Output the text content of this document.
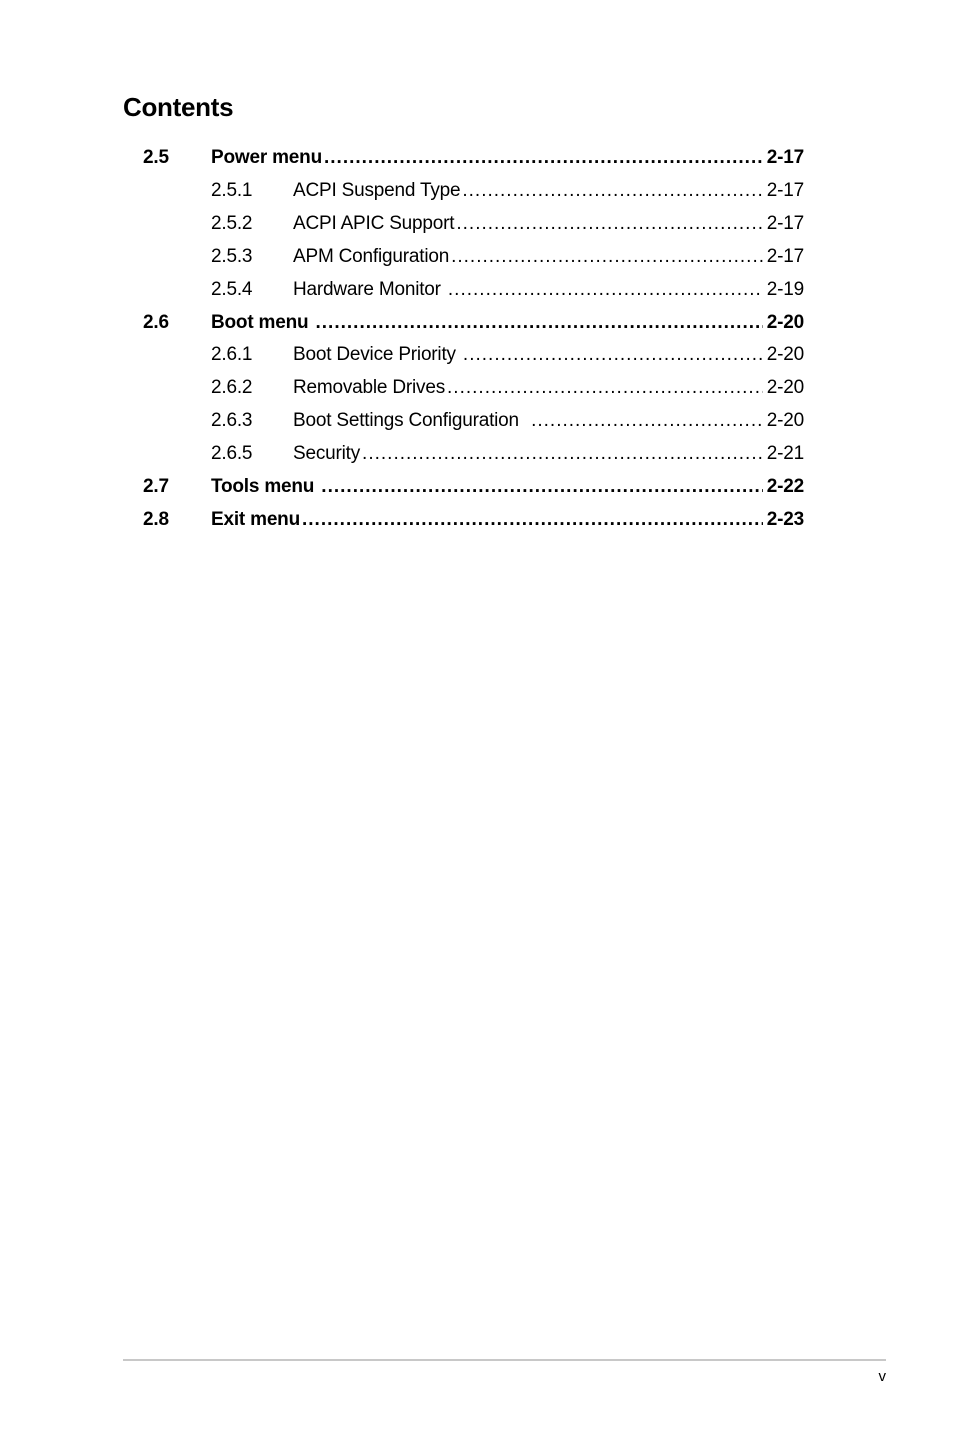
Contents
2.5 Power menu .....	2-17
2.5.1 ACPI Suspend Type .....	2-17
2.5.2 ACPI APIC Support .....	2-17
2.5.3 APM Configuration .....	2-17
2.5.4 Hardware Monitor .....	2-19
2.6 Boot menu .....	2-20
2.6.1 Boot Device Priority .....	2-20
2.6.2 Removable Drives .....	2-20
2.6.3 Boot Settings Configuration .....	2-20
2.6.5 Security .....	2-21
2.7 Tools menu .....	2-22
2.8 Exit menu .....	2-23
v
